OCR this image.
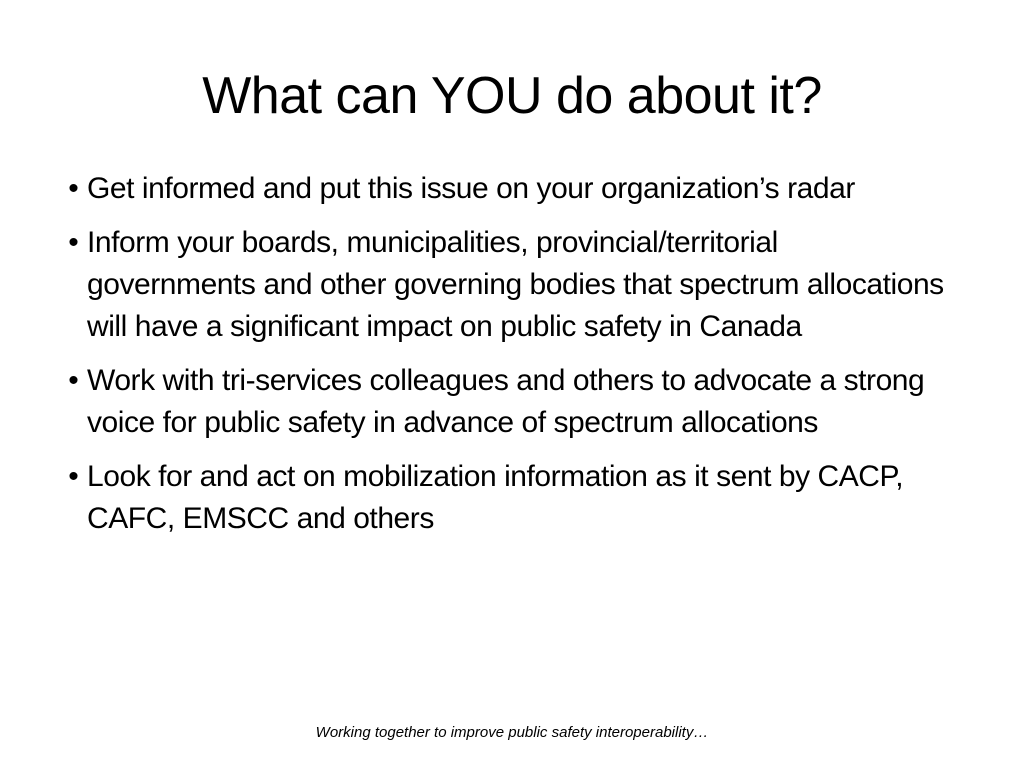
What can YOU do about it?
• Get informed and put this issue on your organization’s radar
• Inform your boards, municipalities, provincial/territorial governments and other governing bodies that spectrum allocations will have a significant impact on public safety in Canada
• Work with tri-services colleagues and others to advocate a strong voice for public safety in advance of spectrum allocations
• Look for and act on mobilization information as it sent by CACP, CAFC, EMSCC and others

Working together to improve public safety interoperability…
